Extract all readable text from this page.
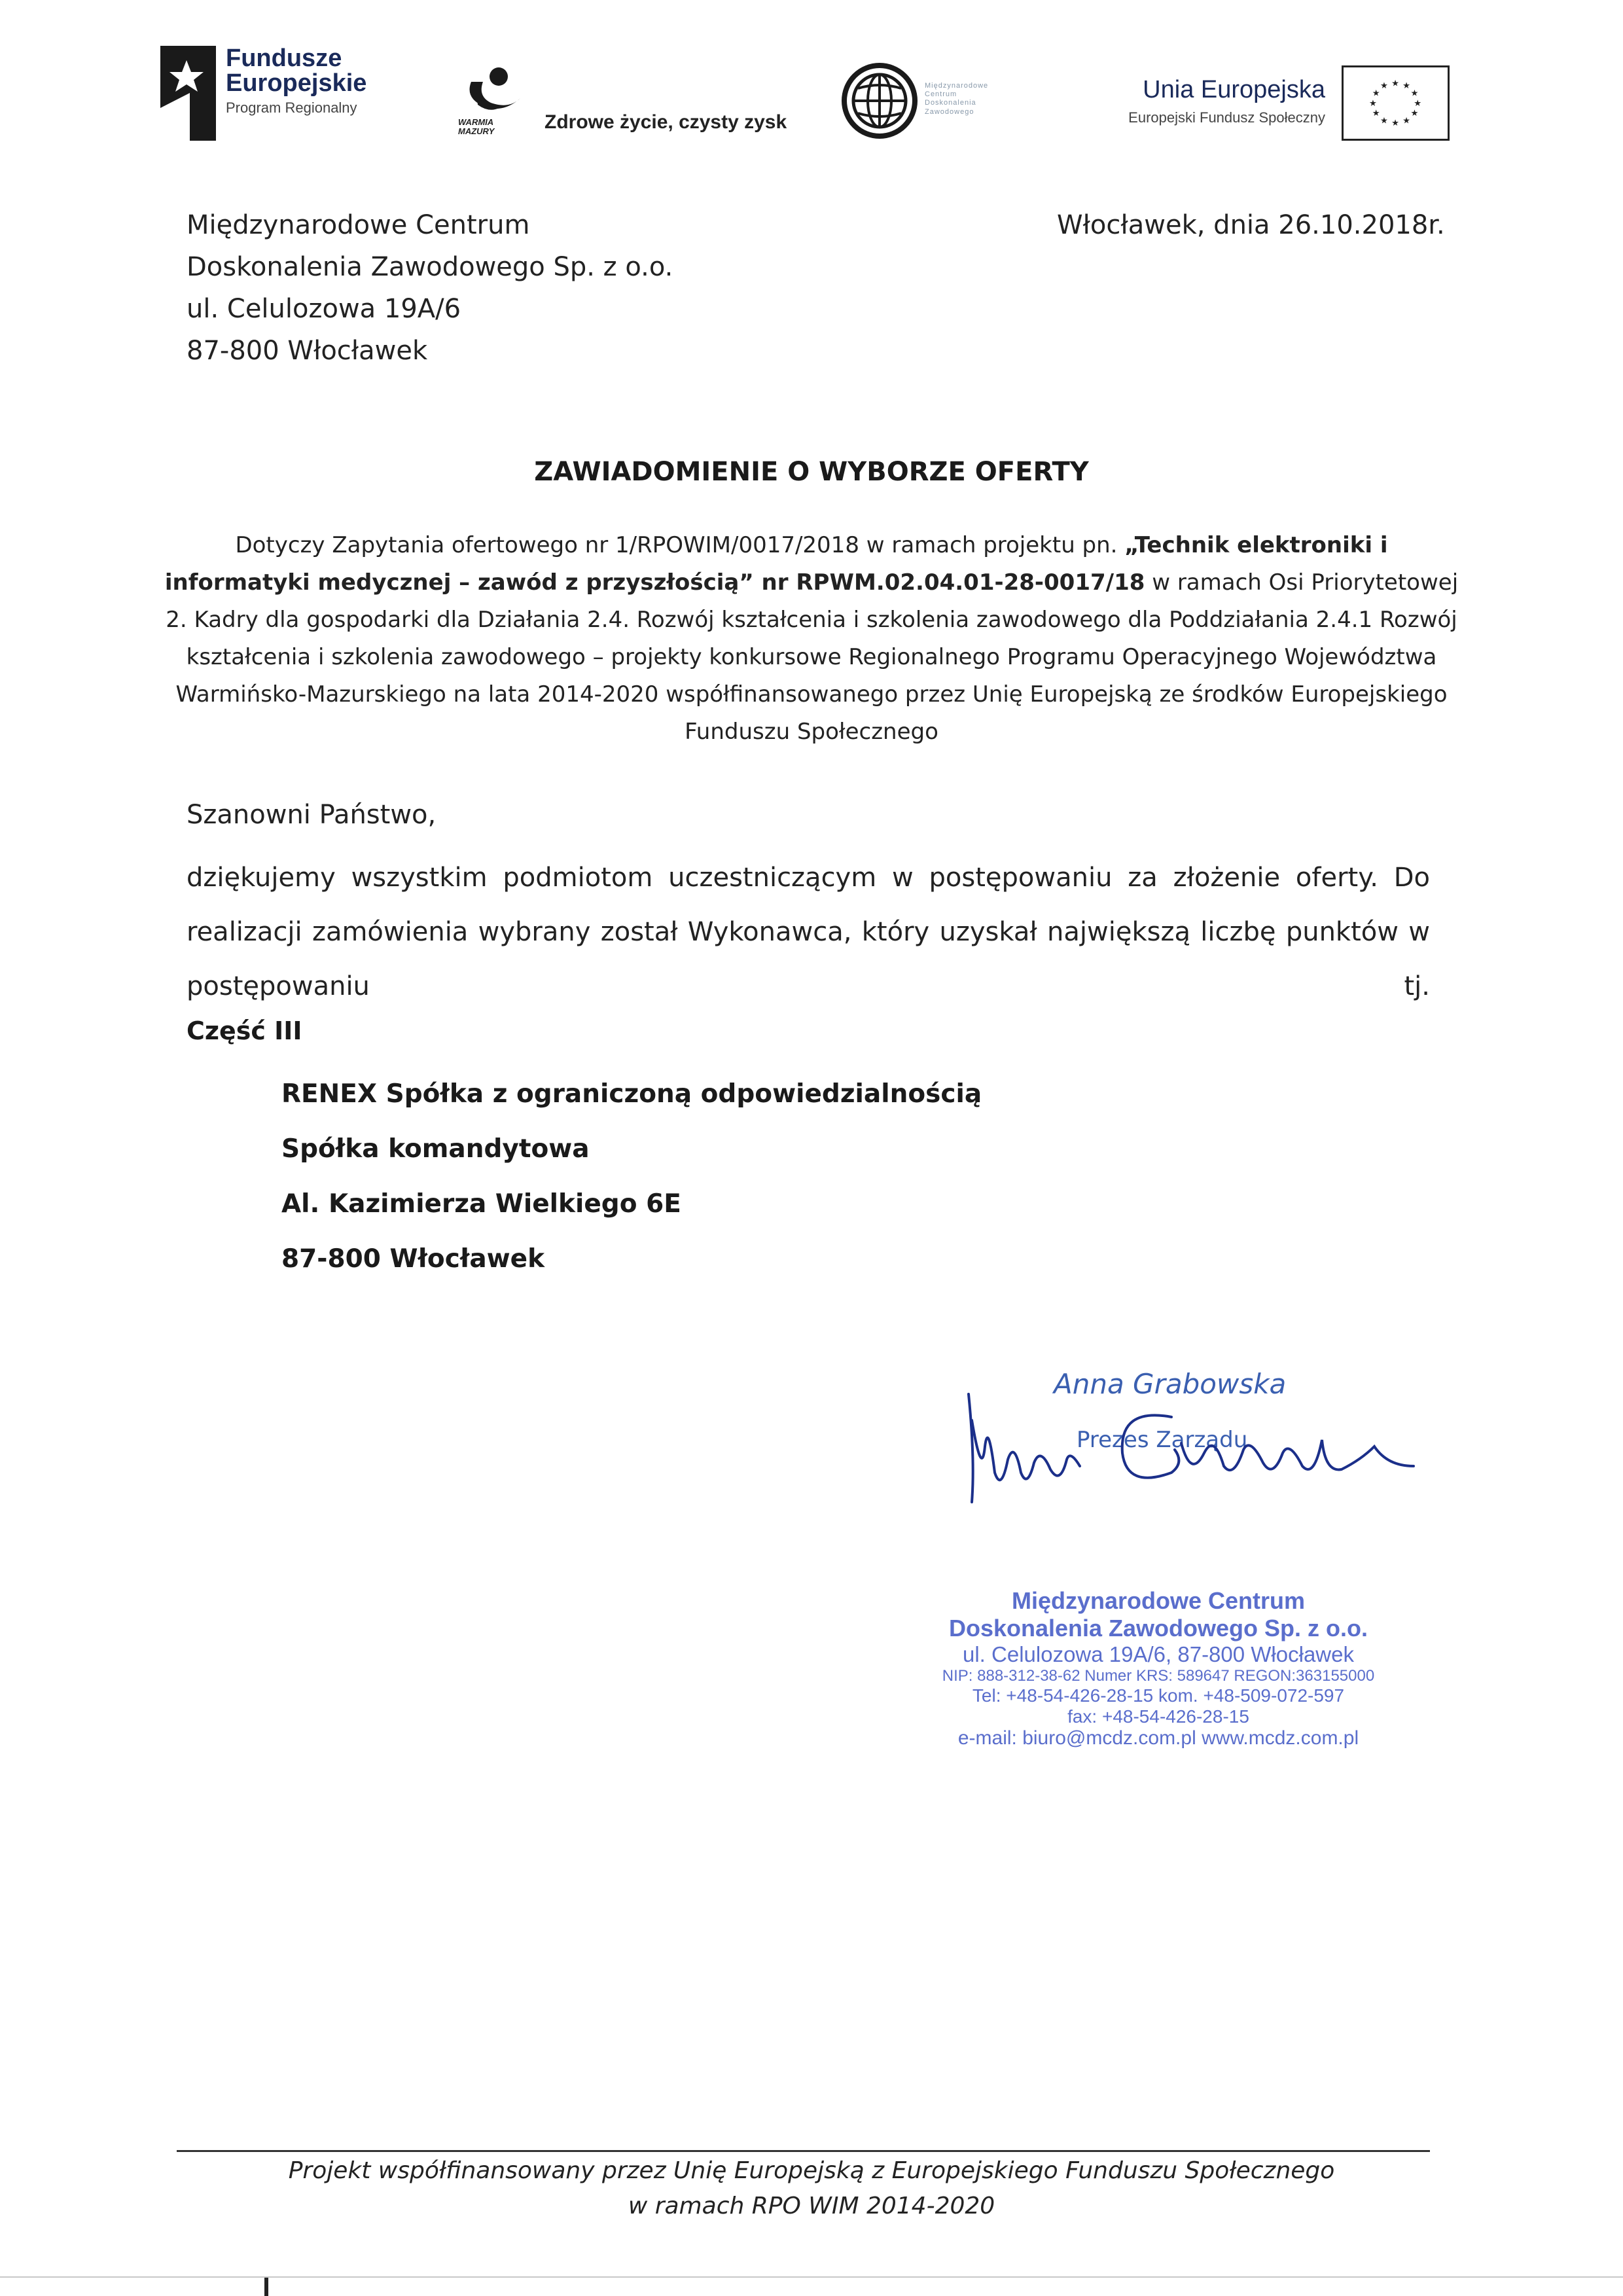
Fundusze
Europejskie
Program Regionalny
WARMIA
MAZURY	Zdrowe życie, czysty zysk
Międzynarodowe
Centrum
Doskonalenia
Zawodowego
Unia Europejska
Europejski Fundusz Społeczny
★ ★
★
★
★
★
★
★
★
★
★
★
Międzynarodowe Centrum
Doskonalenia Zawodowego Sp. z o.o.
ul. Celulozowa 19A/6
87-800 Włocławek
Włocławek, dnia 26.10.2018r.
ZAWIADOMIENIE O WYBORZE OFERTY
Dotyczy Zapytania ofertowego nr 1/RPOWIM/0017/2018 w ramach projektu pn. „Technik elektroniki i informatyki medycznej – zawód z przyszłością” nr RPWM.02.04.01-28-0017/18 w ramach Osi Priorytetowej 2. Kadry dla gospodarki dla Działania 2.4. Rozwój kształcenia i szkolenia zawodowego dla Poddziałania 2.4.1 Rozwój kształcenia i szkolenia zawodowego – projekty konkursowe Regionalnego Programu Operacyjnego Województwa Warmińsko-Mazurskiego na lata 2014-2020 współfinansowanego przez Unię Europejską ze środków Europejskiego Funduszu Społecznego
Szanowni Państwo,
dziękujemy wszystkim podmiotom uczestniczącym w postępowaniu za złożenie oferty. Do realizacji zamówienia wybrany został Wykonawca, który uzyskał największą liczbę punktów w postępowaniu tj.
Część III
RENEX Spółka z ograniczoną odpowiedzialnością
Spółka komandytowa
Al. Kazimierza Wielkiego 6E
87-800 Włocławek
Anna Grabowska
Prezes Zarządu
Międzynarodowe Centrum
Doskonalenia Zawodowego Sp. z o.o.
ul. Celulozowa 19A/6, 87-800 Włocławek
NIP: 888-312-38-62 Numer KRS: 589647 REGON:363155000
Tel: +48-54-426-28-15 kom. +48-509-072-597
fax: +48-54-426-28-15
e-mail: biuro@mcdz.com.pl www.mcdz.com.pl
Projekt współfinansowany przez Unię Europejską z Europejskiego Funduszu Społecznego
w ramach RPO WIM 2014-2020
